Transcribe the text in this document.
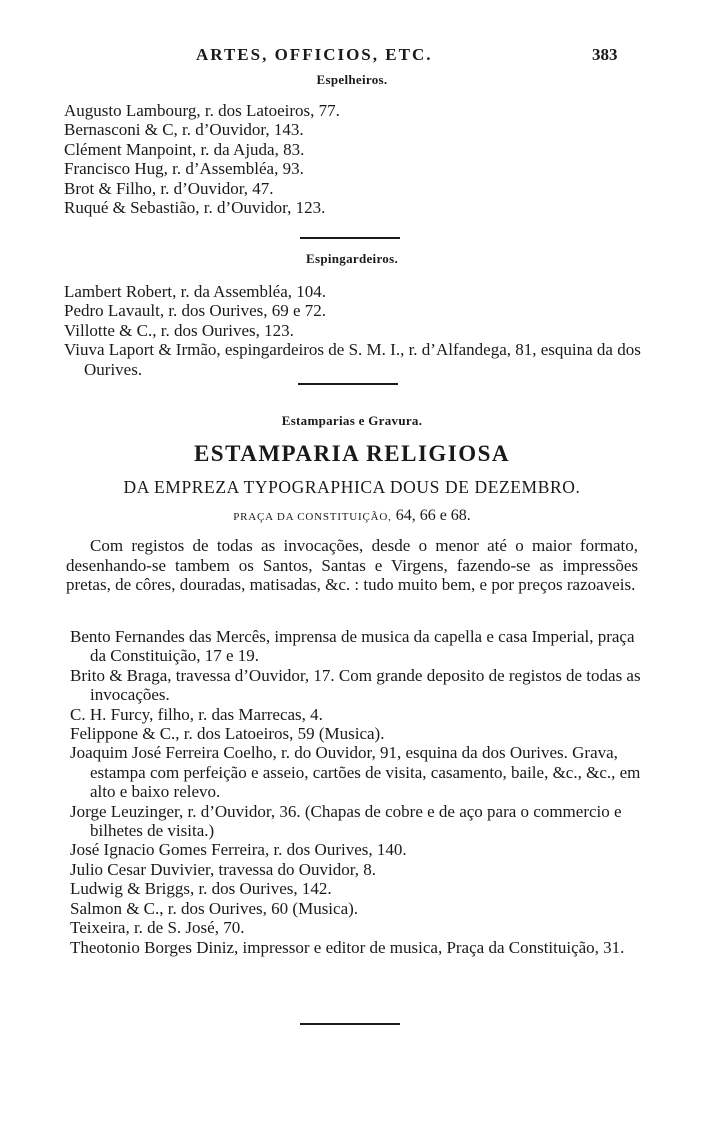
ARTES, OFFICIOS, ETC.	383
Espelheiros.
Augusto Lambourg, r. dos Latoeiros, 77.
Bernasconi & C, r. d’Ouvidor, 143.
Clément Manpoint, r. da Ajuda, 83.
Francisco Hug, r. d’Assembléa, 93.
Brot & Filho, r. d’Ouvidor, 47.
Ruqué & Sebastião, r. d’Ouvidor, 123.
Espingardeiros.
Lambert Robert, r. da Assembléa, 104.
Pedro Lavault, r. dos Ourives, 69 e 72.
Villotte & C., r. dos Ourives, 123.
Viuva Laport & Irmão, espingardeiros de S. M. I., r. d’Alfandega, 81, esquina da dos Ourives.
Estamparias e Gravura.
ESTAMPARIA RELIGIOSA
DA EMPREZA TYPOGRAPHICA DOUS DE DEZEMBRO.
PRAÇA DA CONSTITUIÇÃO, 64, 66 e 68.

Com registos de todas as invocações, desde o menor até o maior formato, desenhando-se tambem os Santos, Santas e Virgens, fazendo-se as impressões pretas, de côres, douradas, matisadas, &c. : tudo muito bem, e por preços razoaveis.

Bento Fernandes das Mercês, imprensa de musica da capella e casa Imperial, praça da Constituição, 17 e 19.
Brito & Braga, travessa d’Ouvidor, 17. Com grande deposito de registos de todas as invocações.
C. H. Furcy, filho, r. das Marrecas, 4.
Felippone & C., r. dos Latoeiros, 59 (Musica).
Joaquim José Ferreira Coelho, r. do Ouvidor, 91, esquina da dos Ourives. Grava, estampa com perfeição e asseio, cartões de visita, casamento, baile, &c., &c., em alto e baixo relevo.
Jorge Leuzinger, r. d’Ouvidor, 36. (Chapas de cobre e de aço para o commercio e bilhetes de visita.)
José Ignacio Gomes Ferreira, r. dos Ourives, 140.
Julio Cesar Duvivier, travessa do Ouvidor, 8.
Ludwig & Briggs, r. dos Ourives, 142.
Salmon & C., r. dos Ourives, 60 (Musica).
Teixeira, r. de S. José, 70.
Theotonio Borges Diniz, impressor e editor de musica, Praça da Constituição, 31.
